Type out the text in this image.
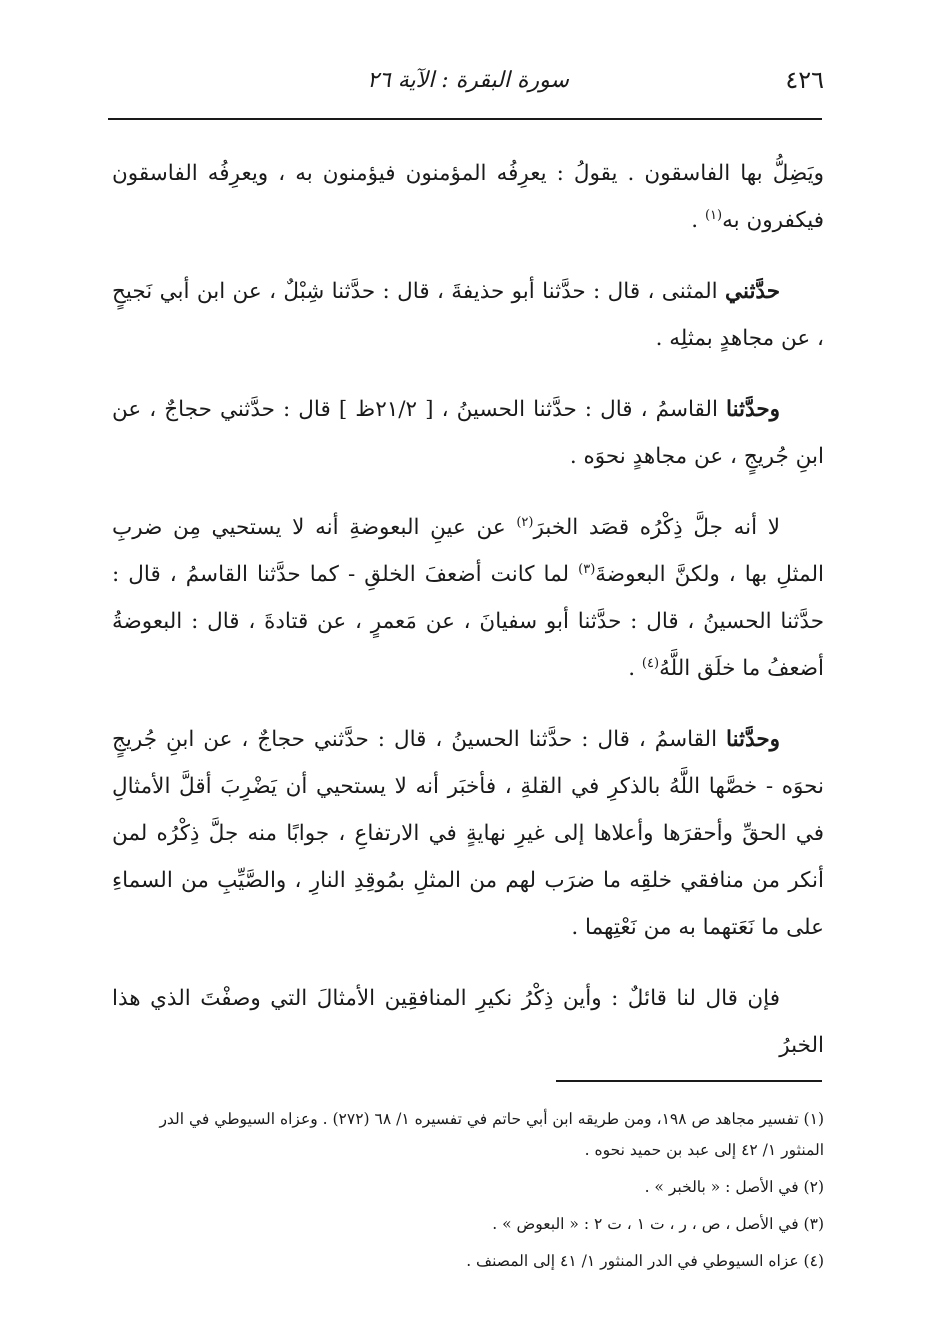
٤٢٦
سورة البقرة : الآية ٢٦

ويَضِلُّ بها الفاسقون . يقولُ : يعرِفُه المؤمنون فيؤمنون به ، ويعرِفُه الفاسقون فيكفرون به$^{(١)}$ .

حدَّثني المثنى ، قال : حدَّثنا أبو حذيفةَ ، قال : حدَّثنا شِبْلٌ ، عن ابن أبي نَجيحٍ ، عن مجاهدٍ بمثلِه .

وحدَّثنا القاسمُ ، قال : حدَّثنا الحسينُ ، [ ٢١/٢ظ ] قال : حدَّثني حجاجٌ ، عن ابنِ جُريجٍ ، عن مجاهدٍ نحوَه .

لا أنه جلَّ ذِكْرُه قصَد الخبرَ$^{(٢)}$ عن عينِ البعوضةِ أنه لا يستحيي مِن ضربِ المثلِ بها ، ولكنَّ البعوضةَ$^{(٣)}$ لما كانت أضعفَ الخلقِ - كما حدَّثنا القاسمُ ، قال : حدَّثنا الحسينُ ، قال : حدَّثنا أبو سفيانَ ، عن مَعمرٍ ، عن قتادةَ ، قال : البعوضةُ أضعفُ ما خلَق اللَّهُ$^{(٤)}$ .

وحدَّثنا القاسمُ ، قال : حدَّثنا الحسينُ ، قال : حدَّثني حجاجٌ ، عن ابنِ جُريجٍ نحوَه - خصَّها اللَّهُ بالذكرِ في القلةِ ، فأخبَر أنه لا يستحيي أن يَضْرِبَ أقلَّ الأمثالِ في الحقِّ وأحقرَها وأعلاها إلى غيرِ نهايةٍ في الارتفاعِ ، جوابًا منه جلَّ ذِكْرُه لمن أنكر من منافقي خلقِه ما ضرَب لهم من المثلِ بمُوقِدِ النارِ ، والصَّيِّبِ من السماءِ على ما نَعَتهما به من نَعْتِهما .

فإن قال لنا قائلٌ : وأين ذِكْرُ نكيرِ المنافقِين الأمثالَ التي وصفْتَ الذي هذا الخبرُ

(١) تفسير مجاهد ص ١٩٨، ومن طريقه ابن أبي حاتم في تفسيره ١/ ٦٨ (٢٧٢) . وعزاه السيوطي في الدر المنثور ١/ ٤٢ إلى عبد بن حميد نحوه .

(٢) في الأصل : « بالخبر » .

(٣) في الأصل ، ص ، ر ، ت ١ ، ت ٢ : « البعوض » .

(٤) عزاه السيوطي في الدر المنثور ١/ ٤١ إلى المصنف .
